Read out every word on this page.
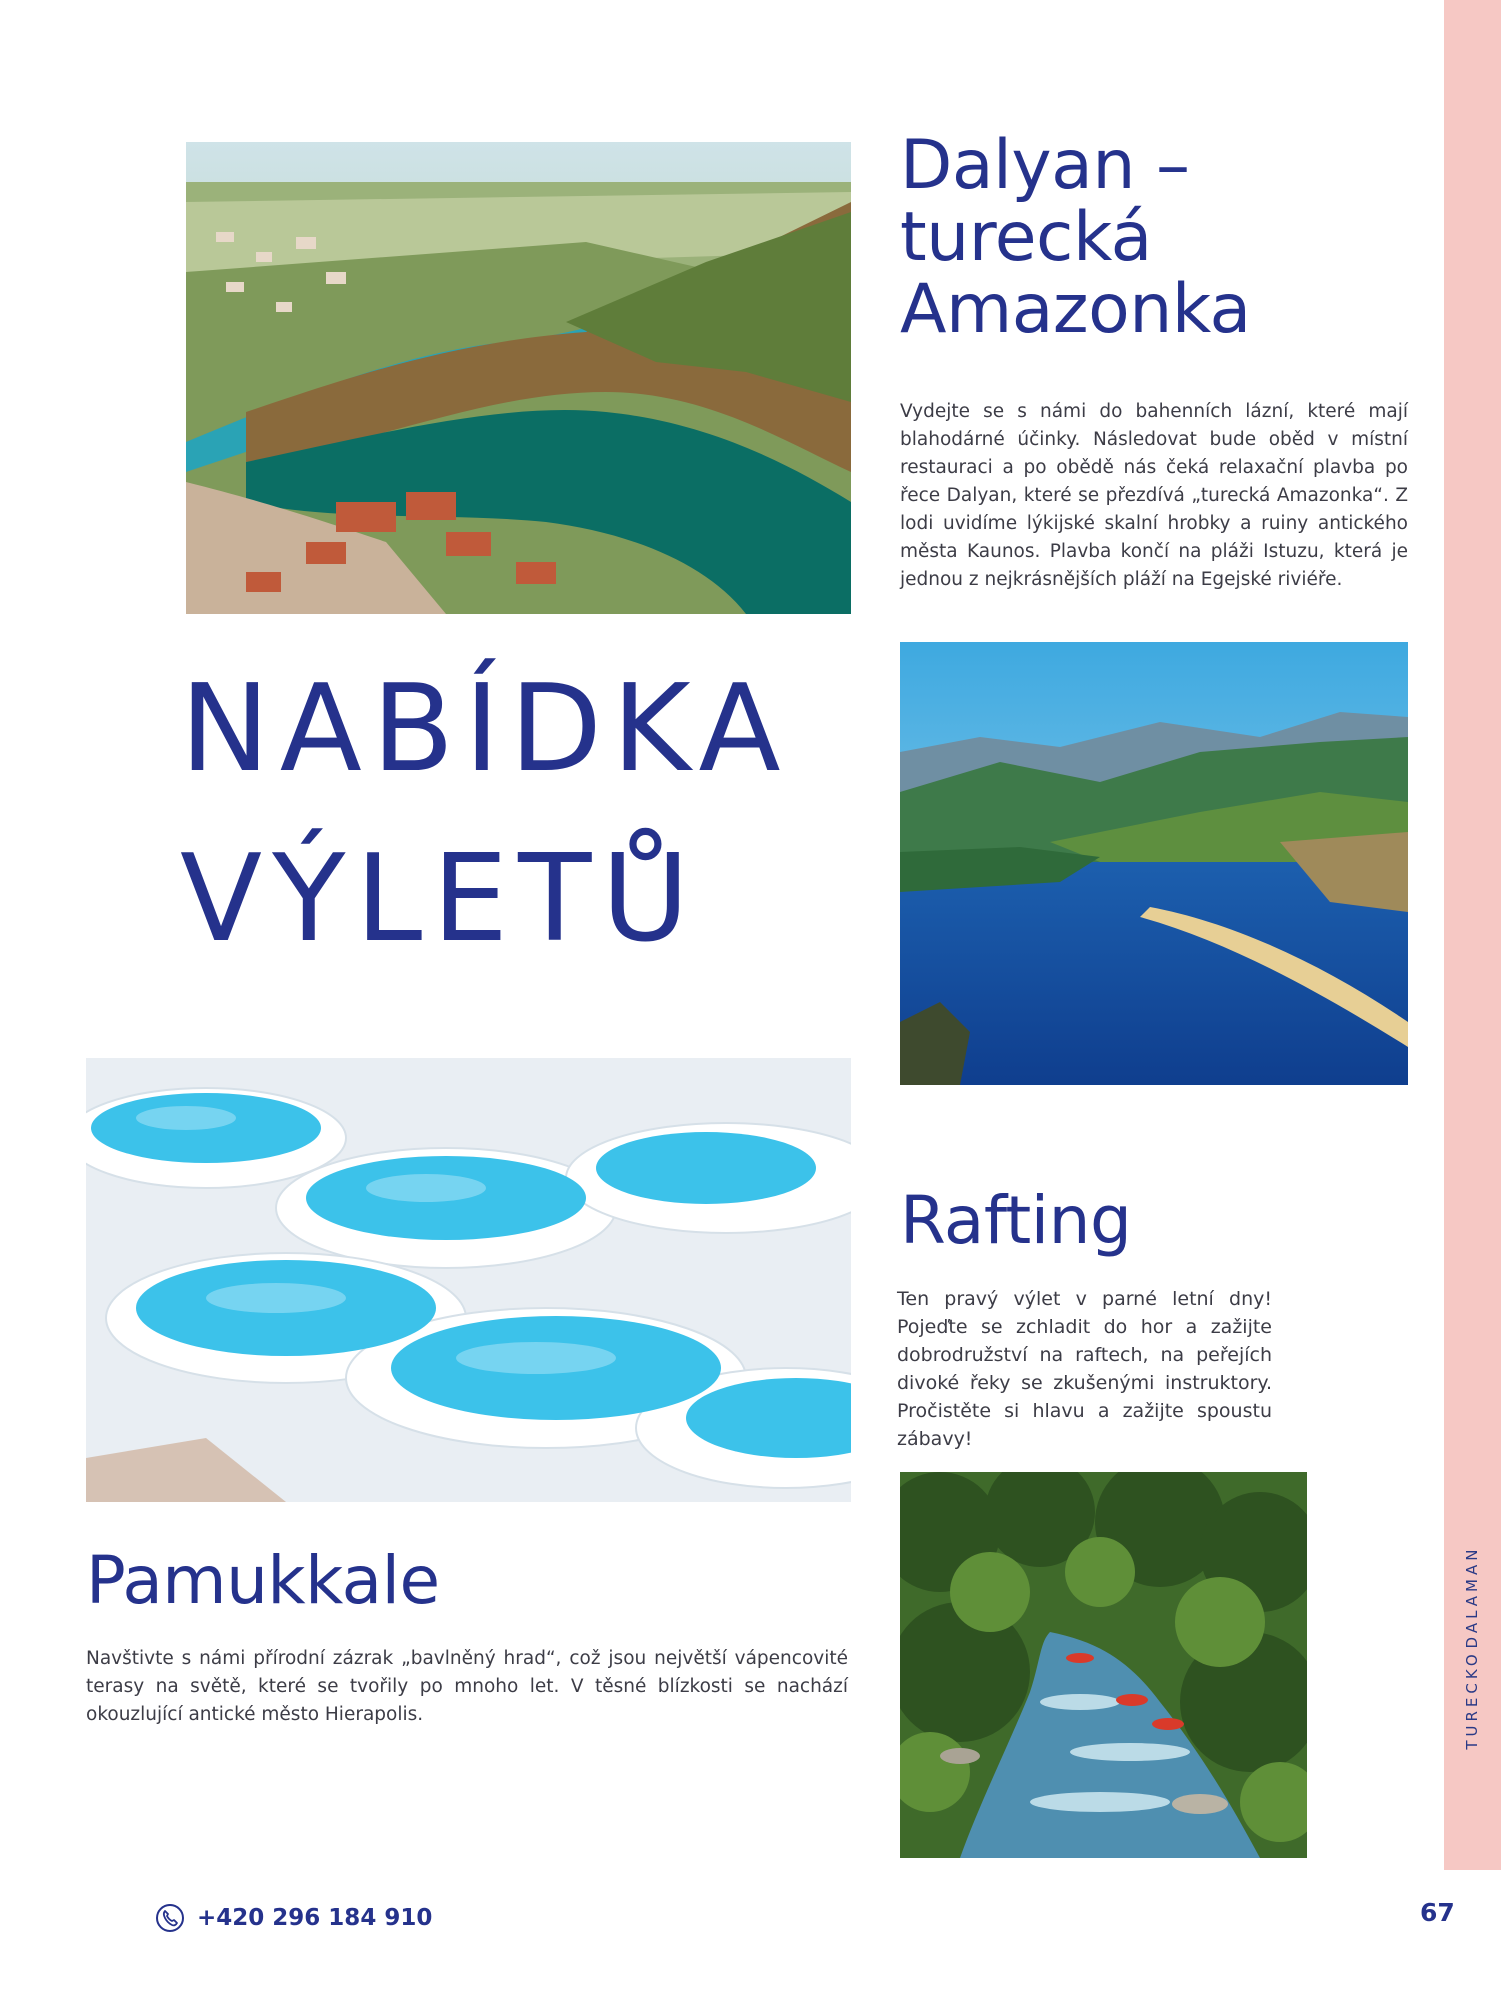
TURECKO
DALAMAN
Dalyan –
turecká
Amazonka

Vydejte se s námi do bahenních lázní, které mají blahodárné účinky. Následovat bude oběd v místní restauraci a po obědě nás čeká relaxační plavba po řece Dalyan, které se přezdívá „turecká Amazonka“. Z lodi uvidíme lýkijské skalní hrobky a ruiny antického města Kaunos. Plavba končí na pláži Istuzu, která je jednou z nejkrásnějších pláží na Egejské riviéře.

NABÍDKA
VÝLETŮ
Rafting

Ten pravý výlet v parné letní dny! Pojeďte se zchladit do hor a zažijte dobrodružství na raftech, na peřejích divoké řeky se zkušenými instruktory. Pročistěte si hlavu a zažijte spoustu zábavy!

Pamukkale

Navštivte s námi přírodní zázrak „bavlněný hrad“, což jsou největší vápencovité terasy na světě, které se tvořily po mnoho let. V těsné blízkosti se nachází okouzlující antické město Hierapolis.

+420 296 184 910	67
